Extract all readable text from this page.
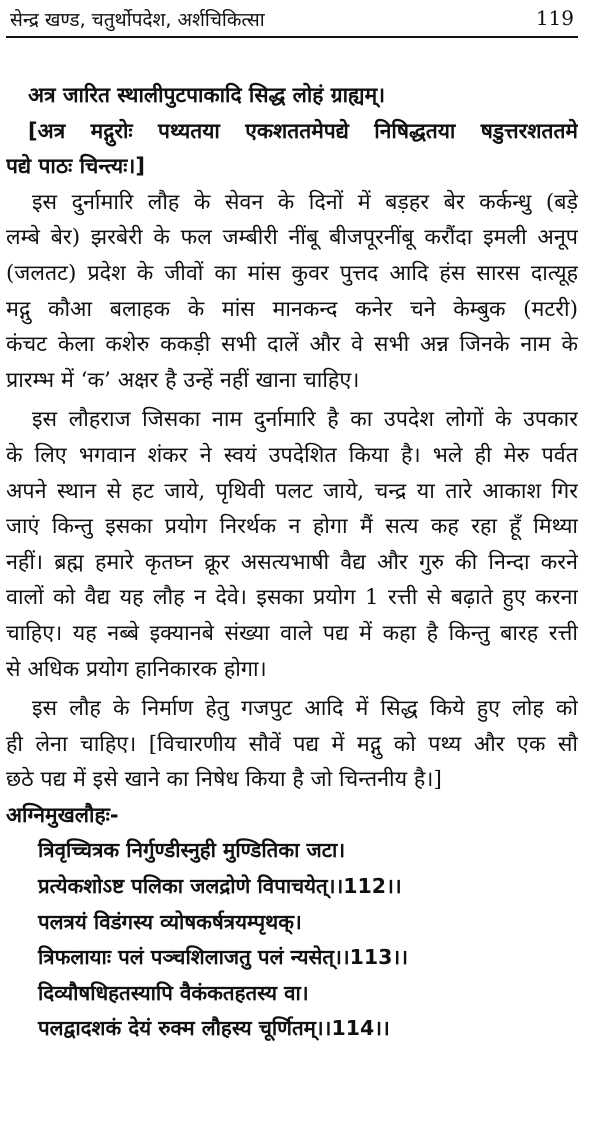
सेन्द्र खण्ड, चतुर्थोपदेश, अर्शचिकित्सा	119
अत्र जारित स्थालीपुटपाकादि सिद्ध लोहं ग्राह्यम्।
[अत्र मद्गुरोः पथ्यतया एकशततमेपद्ये निषिद्धतया षडुत्तरशततमे
पद्ये पाठः चिन्त्यः।]
इस दुर्नामारि लौह के सेवन के दिनों में बड़हर बेर कर्कन्धु (बड़े
लम्बे बेर) झरबेरी के फल जम्बीरी नींबू बीजपूरनींबू करौंदा इमली अनूप
(जलतट) प्रदेश के जीवों का मांस कुवर पुत्तद आदि हंस सारस दात्यूह
मद्गु कौआ बलाहक के मांस मानकन्द कनेर चने केम्बुक (मटरी)
कंचट केला कशेरु ककड़ी सभी दालें और वे सभी अन्न जिनके नाम के
प्रारम्भ में ‘क’ अक्षर है उन्हें नहीं खाना चाहिए।
इस लौहराज जिसका नाम दुर्नामारि है का उपदेश लोगों के उपकार
के लिए भगवान शंकर ने स्वयं उपदेशित किया है। भले ही मेरु पर्वत
अपने स्थान से हट जाये, पृथिवी पलट जाये, चन्द्र या तारे आकाश गिर
जाएं किन्तु इसका प्रयोग निरर्थक न होगा मैं सत्य कह रहा हूँ मिथ्या
नहीं। ब्रह्म हमारे कृतघ्न क्रूर असत्यभाषी वैद्य और गुरु की निन्दा करने
वालों को वैद्य यह लौह न देवे। इसका प्रयोग 1 रत्ती से बढ़ाते हुए करना
चाहिए। यह नब्बे इक्यानबे संख्या वाले पद्य में कहा है किन्तु बारह रत्ती
से अधिक प्रयोग हानिकारक होगा।
इस लौह के निर्माण हेतु गजपुट आदि में सिद्ध किये हुए लोह को
ही लेना चाहिए। [विचारणीय सौवें पद्य में मद्गु को पथ्य और एक सौ
छठे पद्य में इसे खाने का निषेध किया है जो चिन्तनीय है।]
अग्निमुखलौहः-
त्रिवृच्चित्रक निर्गुण्डीस्नुही मुण्डितिका जटा।
प्रत्येकशोऽष्ट पलिका जलद्रोणे विपाचयेत्।।112।।
पलत्रयं विडंगस्य व्योषकर्षत्रयम्पृथक्।
त्रिफलायाः पलं पञ्चशिलाजतु पलं न्यसेत्।।113।।
दिव्यौषधिहतस्यापि वैकंकतहतस्य वा।
पलद्वादशकं देयं रुक्म लौहस्य चूर्णितम्।।114।।
